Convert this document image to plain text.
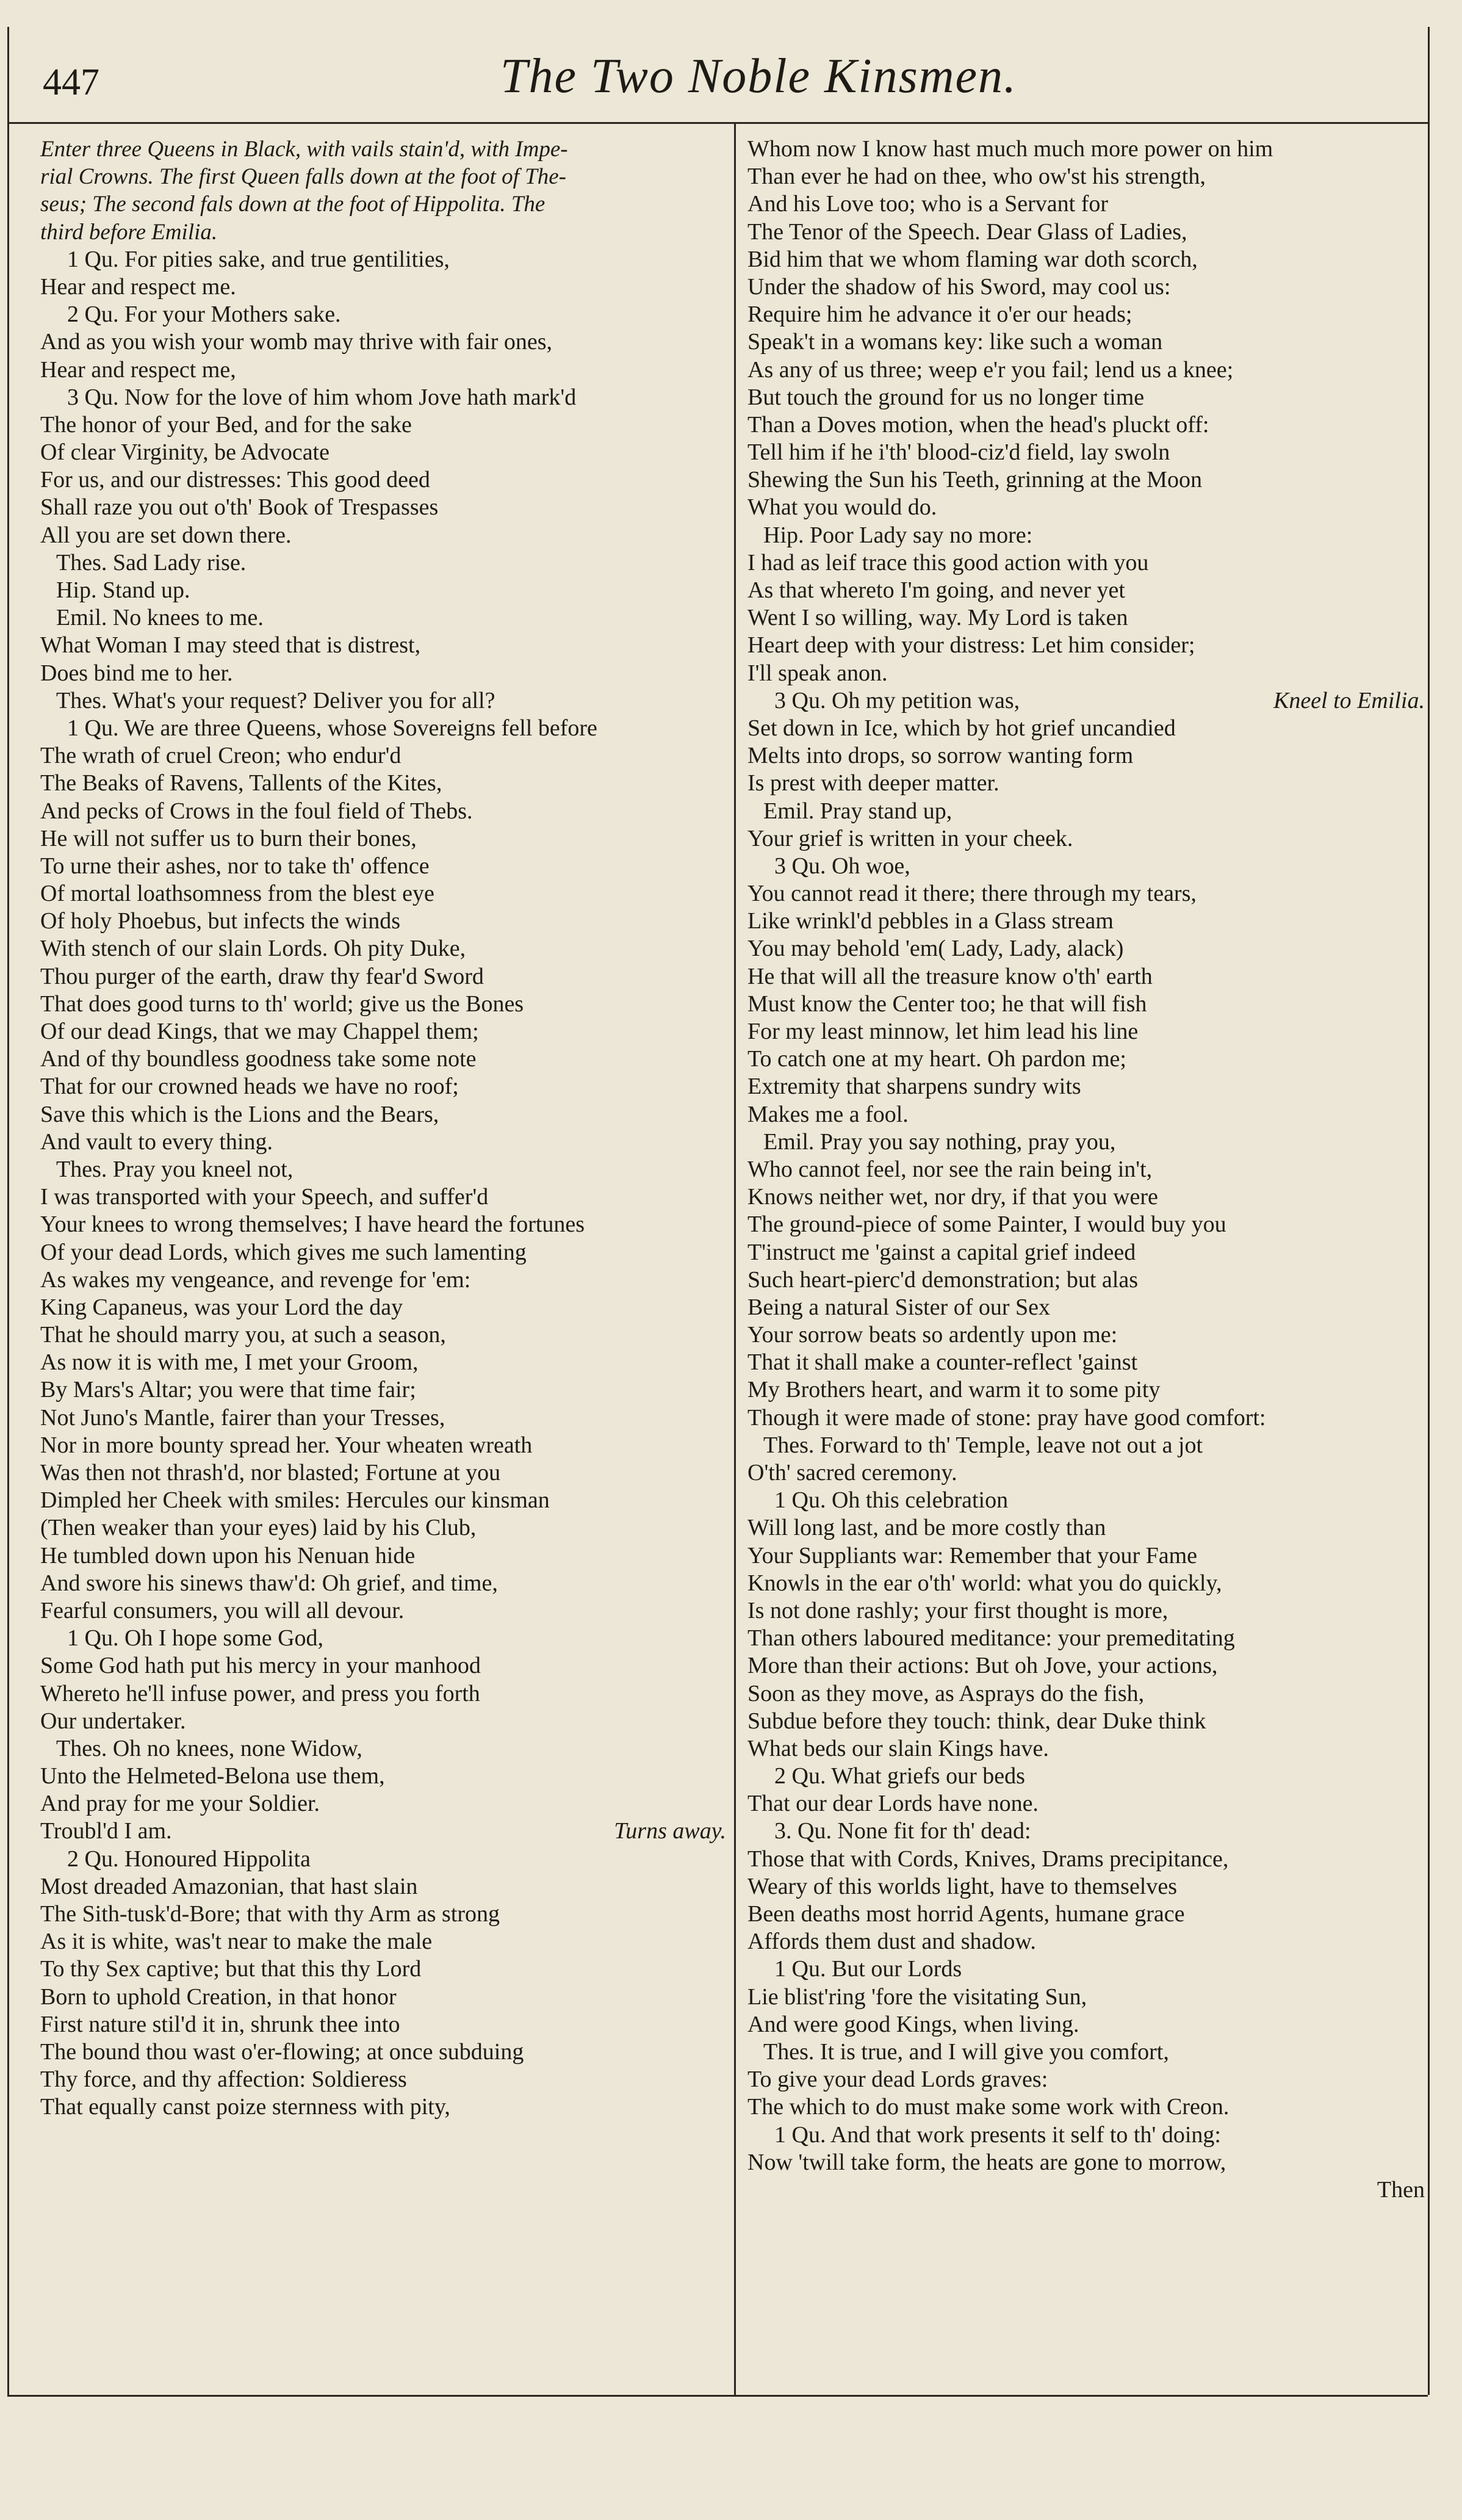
447	The Two Noble Kinsmen.
Enter three Queens in Black, with vails stain'd, with Impe-
rial Crowns. The first Queen falls down at the foot of The-
seus; The second fals down at the foot of Hippolita. The
third before Emilia.
1 Qu. For pities sake, and true gentilities,
Hear and respect me.
2 Qu. For your Mothers sake.
And as you wish your womb may thrive with fair ones,
Hear and respect me,
3 Qu. Now for the love of him whom Jove hath mark'd
The honor of your Bed, and for the sake
Of clear Virginity, be Advocate
For us, and our distresses: This good deed
Shall raze you out o'th' Book of Trespasses
All you are set down there.
Thes. Sad Lady rise.
Hip. Stand up.
Emil. No knees to me.
What Woman I may steed that is distrest,
Does bind me to her.
Thes. What's your request? Deliver you for all?
1 Qu. We are three Queens, whose Sovereigns fell before
The wrath of cruel Creon; who endur'd
The Beaks of Ravens, Tallents of the Kites,
And pecks of Crows in the foul field of Thebs.
He will not suffer us to burn their bones,
To urne their ashes, nor to take th' offence
Of mortal loathsomness from the blest eye
Of holy Phoebus, but infects the winds
With stench of our slain Lords. Oh pity Duke,
Thou purger of the earth, draw thy fear'd Sword
That does good turns to th' world; give us the Bones
Of our dead Kings, that we may Chappel them;
And of thy boundless goodness take some note
That for our crowned heads we have no roof;
Save this which is the Lions and the Bears,
And vault to every thing.
Thes. Pray you kneel not,
I was transported with your Speech, and suffer'd
Your knees to wrong themselves; I have heard the fortunes
Of your dead Lords, which gives me such lamenting
As wakes my vengeance, and revenge for 'em:
King Capaneus, was your Lord the day
That he should marry you, at such a season,
As now it is with me, I met your Groom,
By Mars's Altar; you were that time fair;
Not Juno's Mantle, fairer than your Tresses,
Nor in more bounty spread her. Your wheaten wreath
Was then not thrash'd, nor blasted; Fortune at you
Dimpled her Cheek with smiles: Hercules our kinsman
(Then weaker than your eyes) laid by his Club,
He tumbled down upon his Nenuan hide
And swore his sinews thaw'd: Oh grief, and time,
Fearful consumers, you will all devour.
1 Qu. Oh I hope some God,
Some God hath put his mercy in your manhood
Whereto he'll infuse power, and press you forth
Our undertaker.
Thes. Oh no knees, none Widow,
Unto the Helmeted-Belona use them,
And pray for me your Soldier.
Troubl'd I am.	Turns away.
2 Qu. Honoured Hippolita
Most dreaded Amazonian, that hast slain
The Sith-tusk'd-Bore; that with thy Arm as strong
As it is white, was't near to make the male
To thy Sex captive; but that this thy Lord
Born to uphold Creation, in that honor
First nature stil'd it in, shrunk thee into
The bound thou wast o'er-flowing; at once subduing
Thy force, and thy affection: Soldieress
That equally canst poize sternness with pity,
Whom now I know hast much much more power on him
Than ever he had on thee, who ow'st his strength,
And his Love too; who is a Servant for
The Tenor of the Speech. Dear Glass of Ladies,
Bid him that we whom flaming war doth scorch,
Under the shadow of his Sword, may cool us:
Require him he advance it o'er our heads;
Speak't in a womans key: like such a woman
As any of us three; weep e'r you fail; lend us a knee;
But touch the ground for us no longer time
Than a Doves motion, when the head's pluckt off:
Tell him if he i'th' blood-ciz'd field, lay swoln
Shewing the Sun his Teeth, grinning at the Moon
What you would do.
Hip. Poor Lady say no more:
I had as leif trace this good action with you
As that whereto I'm going, and never yet
Went I so willing, way. My Lord is taken
Heart deep with your distress: Let him consider;
I'll speak anon.
3 Qu. Oh my petition was,	Kneel to Emilia.
Set down in Ice, which by hot grief uncandied
Melts into drops, so sorrow wanting form
Is prest with deeper matter.
Emil. Pray stand up,
Your grief is written in your cheek.
3 Qu. Oh woe,
You cannot read it there; there through my tears,
Like wrinkl'd pebbles in a Glass stream
You may behold 'em( Lady, Lady, alack)
He that will all the treasure know o'th' earth
Must know the Center too; he that will fish
For my least minnow, let him lead his line
To catch one at my heart. Oh pardon me;
Extremity that sharpens sundry wits
Makes me a fool.
Emil. Pray you say nothing, pray you,
Who cannot feel, nor see the rain being in't,
Knows neither wet, nor dry, if that you were
The ground-piece of some Painter, I would buy you
T'instruct me 'gainst a capital grief indeed
Such heart-pierc'd demonstration; but alas
Being a natural Sister of our Sex
Your sorrow beats so ardently upon me:
That it shall make a counter-reflect 'gainst
My Brothers heart, and warm it to some pity
Though it were made of stone: pray have good comfort:
Thes. Forward to th' Temple, leave not out a jot
O'th' sacred ceremony.
1 Qu. Oh this celebration
Will long last, and be more costly than
Your Suppliants war: Remember that your Fame
Knowls in the ear o'th' world: what you do quickly,
Is not done rashly; your first thought is more,
Than others laboured meditance: your premeditating
More than their actions: But oh Jove, your actions,
Soon as they move, as Asprays do the fish,
Subdue before they touch: think, dear Duke think
What beds our slain Kings have.
2 Qu. What griefs our beds
That our dear Lords have none.
3. Qu. None fit for th' dead:
Those that with Cords, Knives, Drams precipitance,
Weary of this worlds light, have to themselves
Been deaths most horrid Agents, humane grace
Affords them dust and shadow.
1 Qu. But our Lords
Lie blist'ring 'fore the visitating Sun,
And were good Kings, when living.
Thes. It is true, and I will give you comfort,
To give your dead Lords graves:
The which to do must make some work with Creon.
1 Qu. And that work presents it self to th' doing:
Now 'twill take form, the heats are gone to morrow,
Then
